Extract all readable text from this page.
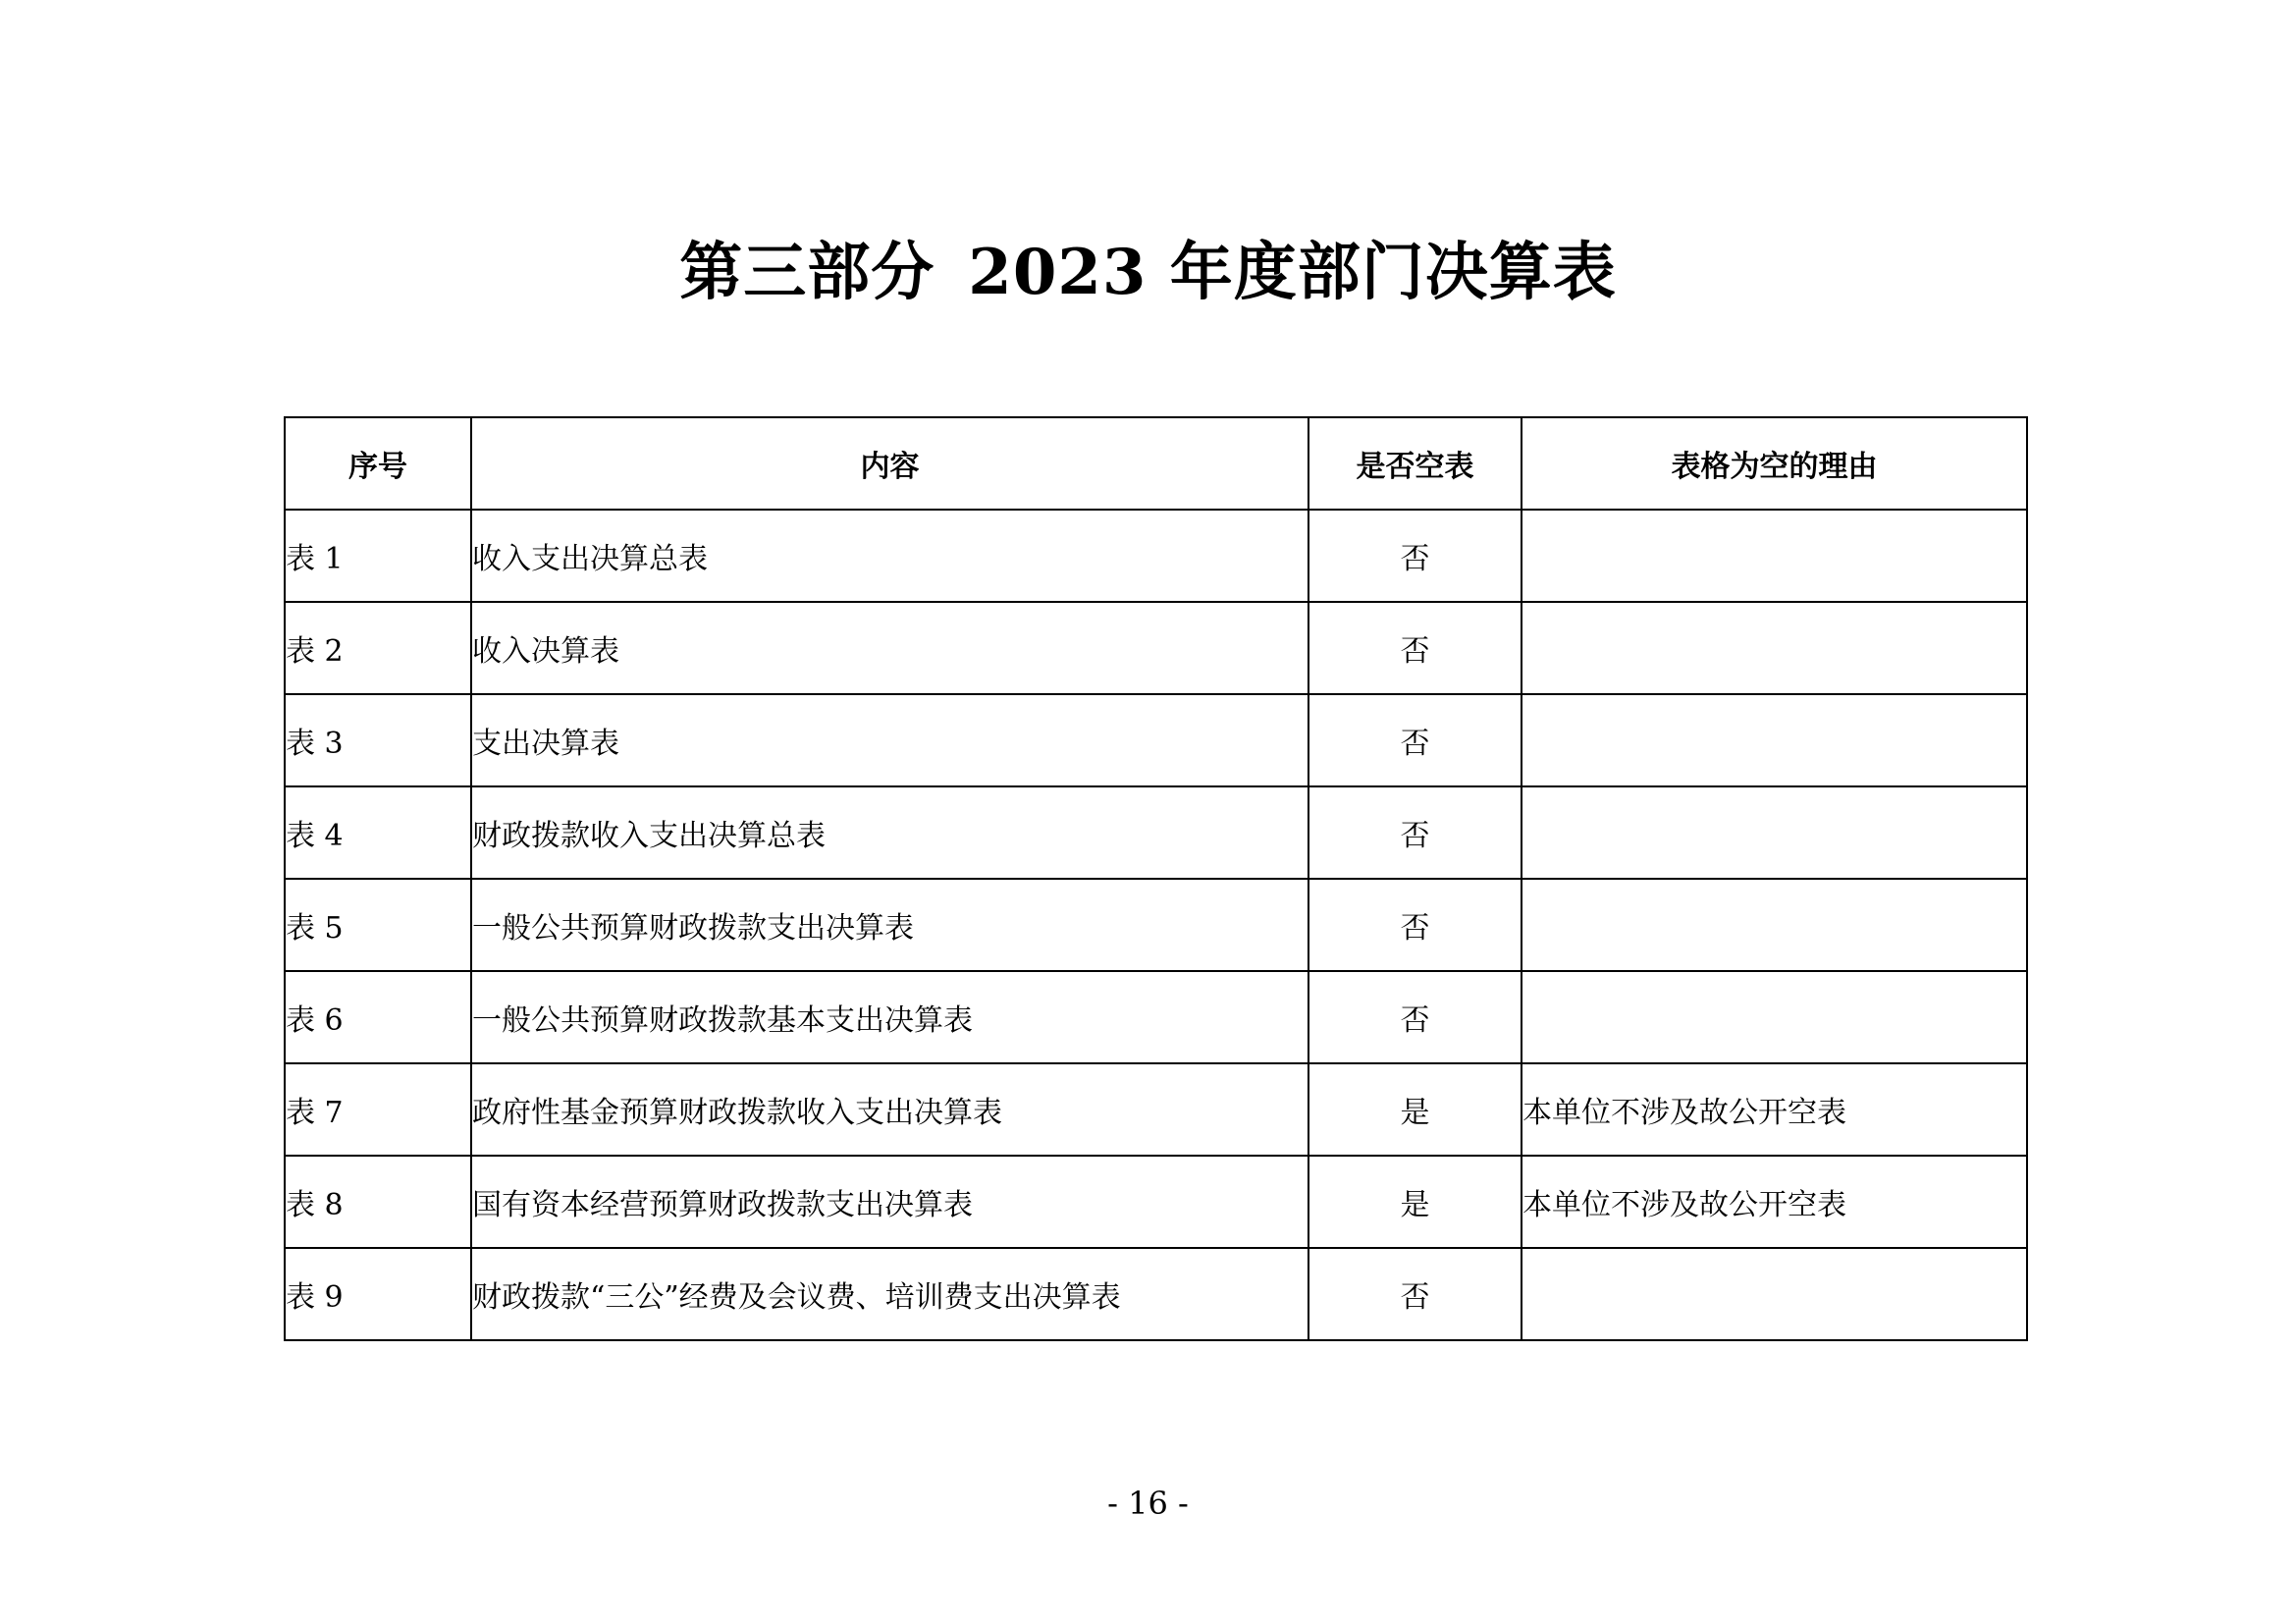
第三部分 2023 年度部门决算表
序号	内容	是否空表	表格为空的理由
表 1	收入支出决算总表	否	
表 2	收入决算表	否	
表 3	支出决算表	否	
表 4	财政拨款收入支出决算总表	否	
表 5	一般公共预算财政拨款支出决算表	否	
表 6	一般公共预算财政拨款基本支出决算表	否	
表 7	政府性基金预算财政拨款收入支出决算表	是	本单位不涉及故公开空表
表 8	国有资本经营预算财政拨款支出决算表	是	本单位不涉及故公开空表
表 9	财政拨款“三公”经费及会议费、培训费支出决算表	否	
- 16 -
